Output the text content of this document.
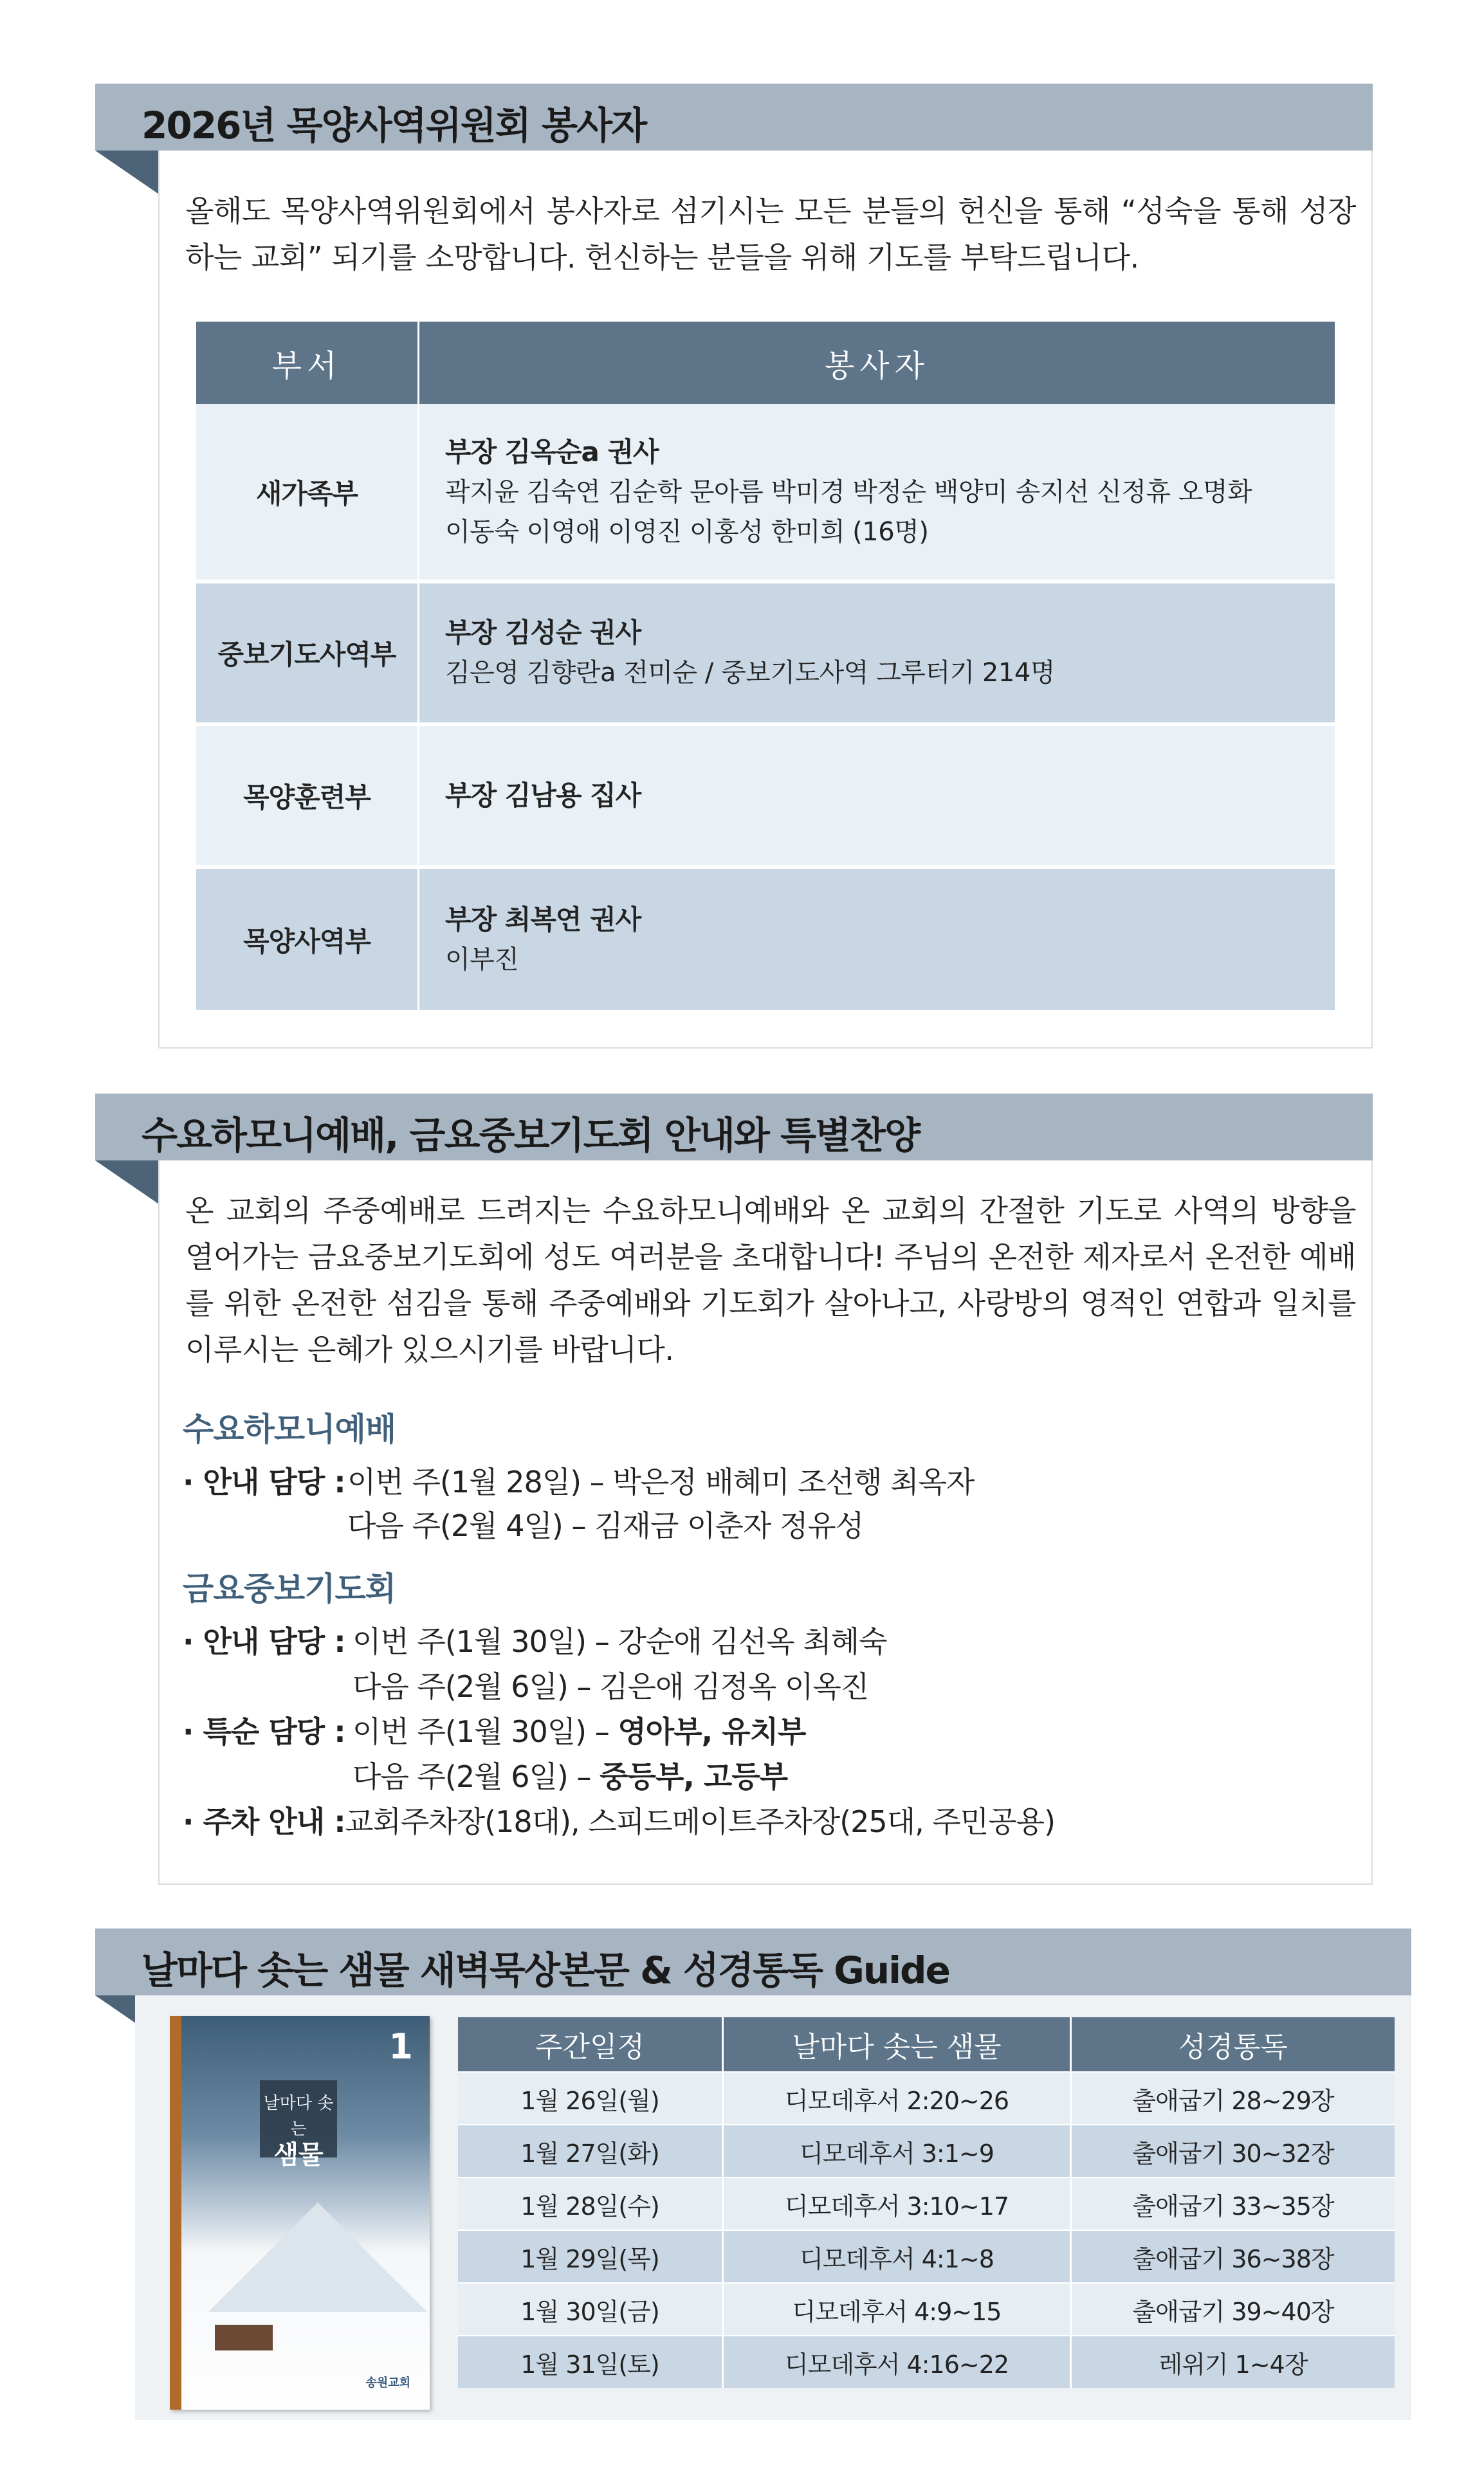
2026년 목양사역위원회 봉사자
올해도 목양사역위원회에서 봉사자로 섬기시는 모든 분들의 헌신을 통해 “성숙을 통해 성장하는 교회” 되기를 소망합니다. 헌신하는 분들을 위해 기도를 부탁드립니다.
부서	봉사자
새가족부	부장 김옥순a 권사
곽지윤 김숙연 김순학 문아름 박미경 박정순 백양미 송지선 신정휴 오명화
이동숙 이영애 이영진 이홍성 한미희 (16명)

중보기도사역부	부장 김성순 권사
김은영 김향란a 전미순 / 중보기도사역 그루터기 214명

목양훈련부	부장 김남용 집사

목양사역부	부장 최복연 권사
이부진
수요하모니예배, 금요중보기도회 안내와 특별찬양
온 교회의 주중예배로 드려지는 수요하모니예배와 온 교회의 간절한 기도로 사역의 방향을 열어가는 금요중보기도회에 성도 여러분을 초대합니다! 주님의 온전한 제자로서 온전한 예배를 위한 온전한 섬김을 통해 주중예배와 기도회가 살아나고, 사랑방의 영적인 연합과 일치를 이루시는 은혜가 있으시기를 바랍니다.
수요하모니예배
· 안내 담당 : 이번 주(1월 28일) – 박은정 배혜미 조선행 최옥자
다음 주(2월 4일) – 김재금 이춘자 정유성
금요중보기도회
· 안내 담당 : 이번 주(1월 30일) – 강순애 김선옥 최혜숙
다음 주(2월 6일) – 김은애 김정옥 이옥진
· 특순 담당 : 이번 주(1월 30일) – 영아부, 유치부
다음 주(2월 6일) – 중등부, 고등부
· 주차 안내 : 교회주차장(18대), 스피드메이트주차장(25대, 주민공용)
날마다 솟는 샘물 새벽묵상본문 & 성경통독 Guide
1
날마다 솟는
샘물
송원교회
주간일정	날마다 솟는 샘물	성경통독
1월 26일(월)	디모데후서 2:20~26	출애굽기 28~29장
1월 27일(화)	디모데후서 3:1~9	출애굽기 30~32장
1월 28일(수)	디모데후서 3:10~17	출애굽기 33~35장
1월 29일(목)	디모데후서 4:1~8	출애굽기 36~38장
1월 30일(금)	디모데후서 4:9~15	출애굽기 39~40장
1월 31일(토)	디모데후서 4:16~22	레위기 1~4장
